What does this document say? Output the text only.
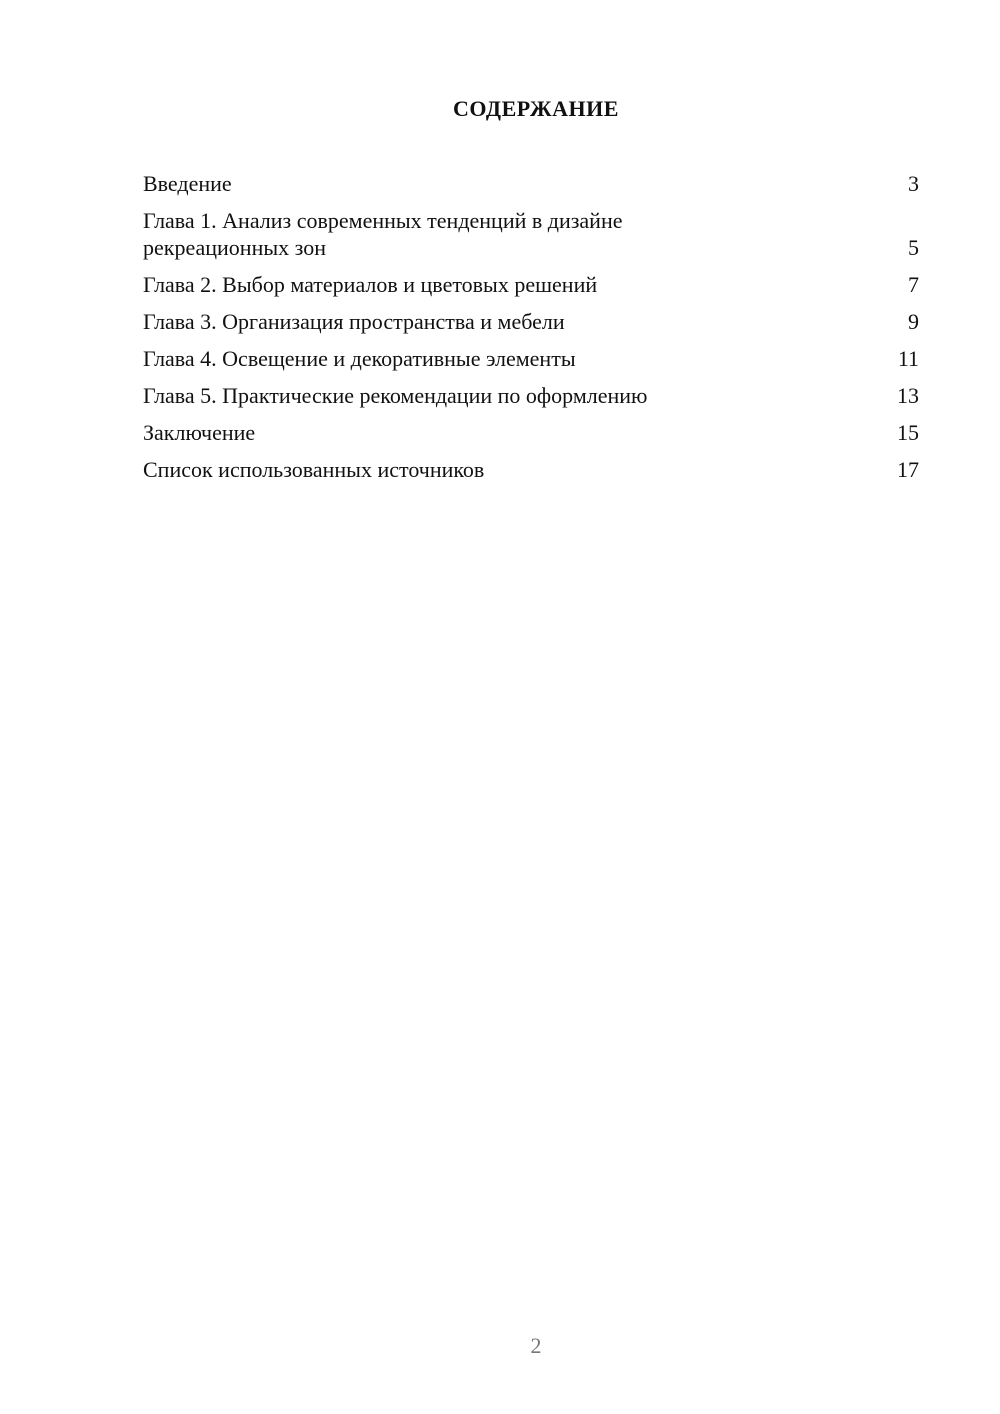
СОДЕРЖАНИЕ
Введение	3
Глава 1. Анализ современных тенденций в дизайне
рекреационных зон	5
Глава 2. Выбор материалов и цветовых решений	7
Глава 3. Организация пространства и мебели	9
Глава 4. Освещение и декоративные элементы	11
Глава 5. Практические рекомендации по оформлению	13
Заключение	15
Список использованных источников	17
2
